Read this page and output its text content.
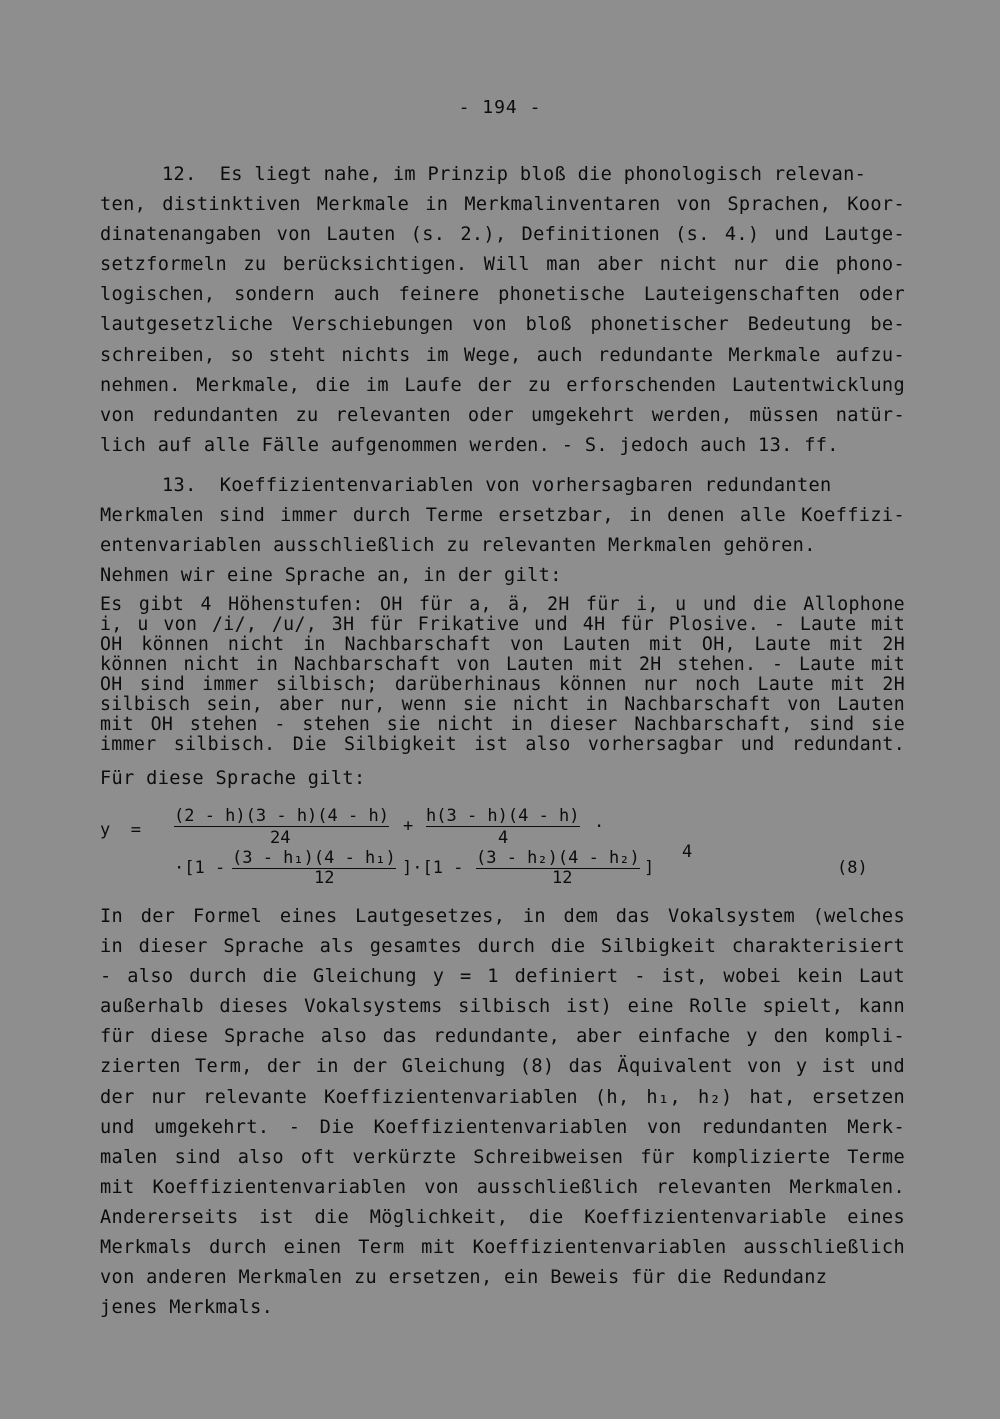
- 194 -
12.  Es liegt nahe, im Prinzip bloß die phonologisch relevan-
ten, distinktiven Merkmale in Merkmalinventaren von Sprachen, Koor-
dinatenangaben von Lauten (s. 2.), Definitionen (s. 4.) und Lautge-
setzformeln zu berücksichtigen. Will man aber nicht nur die phono-
logischen, sondern auch feinere phonetische Lauteigenschaften oder
lautgesetzliche Verschiebungen von bloß phonetischer Bedeutung be-
schreiben, so steht nichts im Wege, auch redundante Merkmale aufzu-
nehmen. Merkmale, die im Laufe der zu erforschenden Lautentwicklung
von redundanten zu relevanten oder umgekehrt werden, müssen natür-
lich auf alle Fälle aufgenommen werden. - S. jedoch auch 13. ff.
13.  Koeffizientenvariablen von vorhersagbaren redundanten
Merkmalen sind immer durch Terme ersetzbar, in denen alle Koeffizi-
entenvariablen ausschließlich zu relevanten Merkmalen gehören.
Nehmen wir eine Sprache an, in der gilt:
Es gibt 4 Höhenstufen: OH für a, ä, 2H für i, u und die Allophone
i, u von /i/, /u/, 3H für Frikative und 4H für Plosive. - Laute mit
OH können nicht in Nachbarschaft von Lauten mit OH, Laute mit 2H
können nicht in Nachbarschaft von Lauten mit 2H stehen. - Laute mit
OH sind immer silbisch; darüberhinaus können nur noch Laute mit 2H
silbisch sein, aber nur, wenn sie nicht in Nachbarschaft von Lauten
mit OH stehen - stehen sie nicht in dieser Nachbarschaft, sind sie
immer silbisch. Die Silbigkeit ist also vorhersagbar und redundant.
Für diese Sprache gilt:
y  =
(2 - h)(3 - h)(4 - h)
24
+ h(3 - h)(4 - h)
4
.
·[1 - (3 - h₁)(4 - h₁)
12	]·[1 - (3 - h₂)(4 - h₂)
12	]
4
(8)
In der Formel eines Lautgesetzes, in dem das Vokalsystem (welches
in dieser Sprache als gesamtes durch die Silbigkeit charakterisiert
- also durch die Gleichung y = 1 definiert - ist, wobei kein Laut
außerhalb dieses Vokalsystems silbisch ist) eine Rolle spielt, kann
für diese Sprache also das redundante, aber einfache y den kompli-
zierten Term, der in der Gleichung (8) das Äquivalent von y ist und
der nur relevante Koeffizientenvariablen (h, h₁, h₂) hat, ersetzen
und umgekehrt. - Die Koeffizientenvariablen von redundanten Merk-
malen sind also oft verkürzte Schreibweisen für komplizierte Terme
mit Koeffizientenvariablen von ausschließlich relevanten Merkmalen.
Andererseits ist die Möglichkeit, die Koeffizientenvariable eines
Merkmals durch einen Term mit Koeffizientenvariablen ausschließlich
von anderen Merkmalen zu ersetzen, ein Beweis für die Redundanz
jenes Merkmals.
